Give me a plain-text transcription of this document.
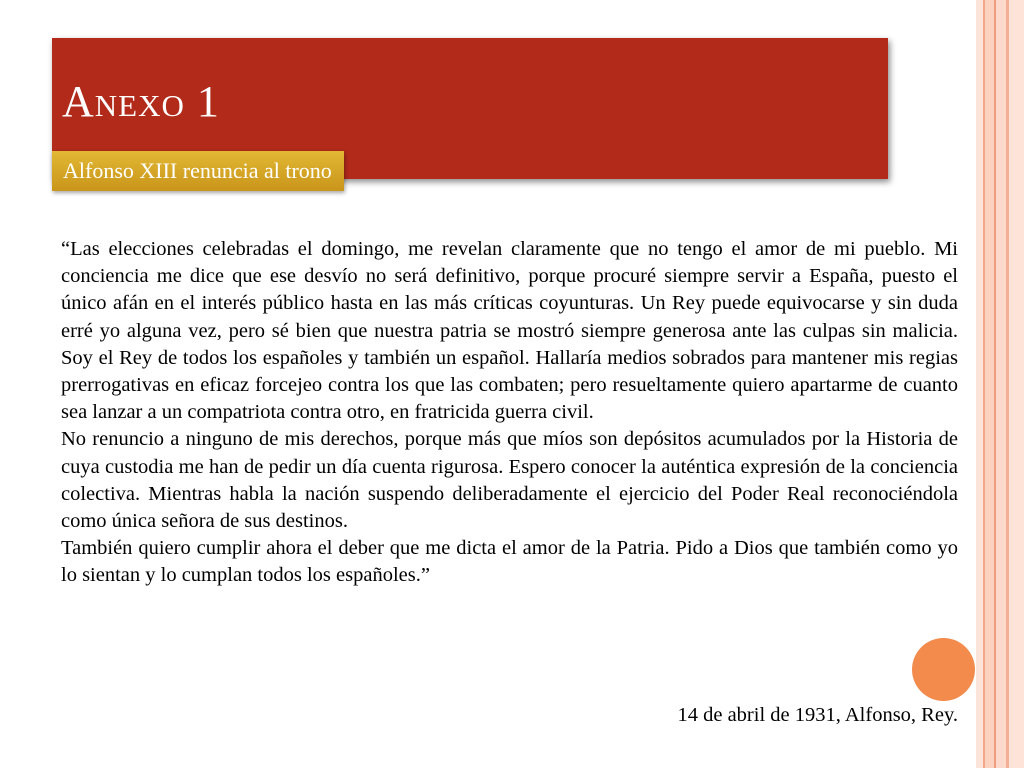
Anexo 1
Alfonso XIII renuncia al trono

“Las elecciones celebradas el domingo, me revelan claramente que no tengo el amor de mi pueblo. Mi conciencia me dice que ese desvío no será definitivo, porque procuré siempre servir a España, puesto el único afán en el interés público hasta en las más críticas coyunturas. Un Rey puede equivocarse y sin duda erré yo alguna vez, pero sé bien que nuestra patria se mostró siempre generosa ante las culpas sin malicia. Soy el Rey de todos los españoles y también un español. Hallaría medios sobrados para mantener mis regias prerrogativas en eficaz forcejeo contra los que las combaten; pero resueltamente quiero apartarme de cuanto sea lanzar a un compatriota contra otro, en fratricida guerra civil.

No renuncio a ninguno de mis derechos, porque más que míos son depósitos acumulados por la Historia de cuya custodia me han de pedir un día cuenta rigurosa. Espero conocer la auténtica expresión de la conciencia colectiva. Mientras habla la nación suspendo deliberadamente el ejercicio del Poder Real reconociéndola como única señora de sus destinos.

También quiero cumplir ahora el deber que me dicta el amor de la Patria. Pido a Dios que también como yo lo sientan y lo cumplan todos los españoles.”

14 de abril de 1931, Alfonso, Rey.
